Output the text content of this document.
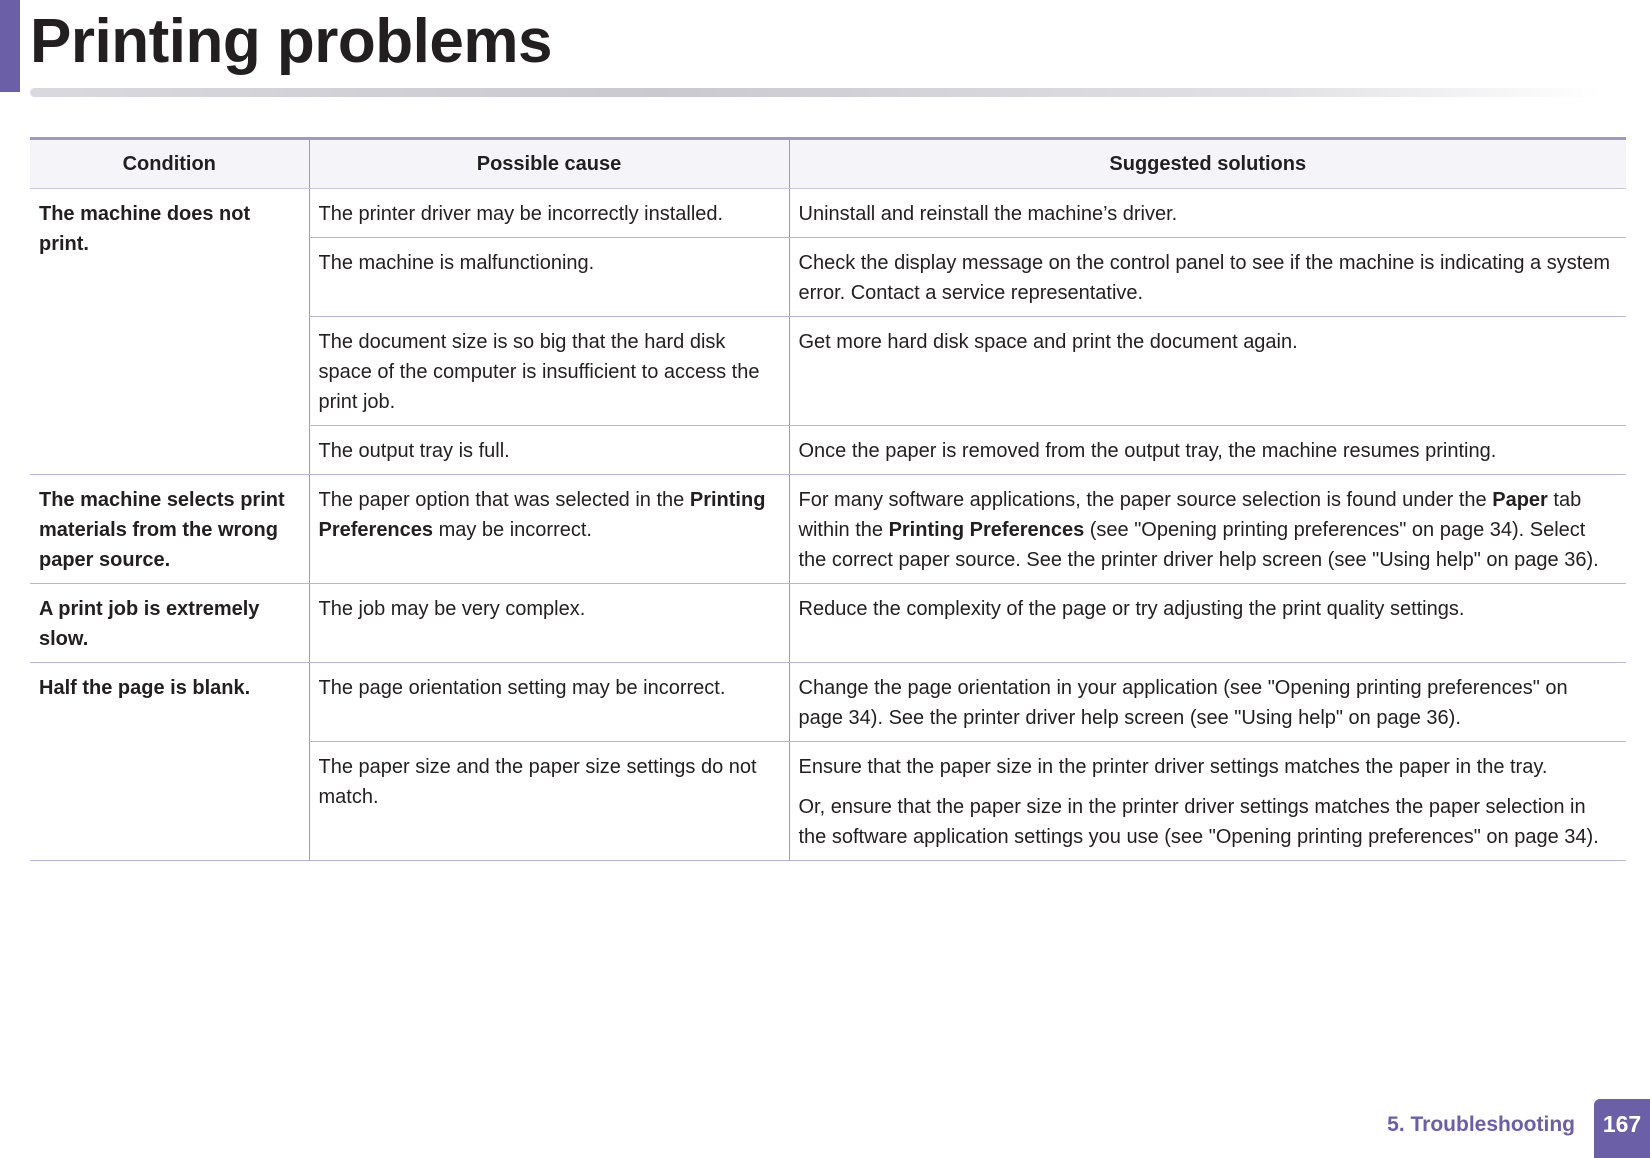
Printing problems
Condition	Possible cause	Suggested solutions
The machine does not print.	The printer driver may be incorrectly installed.	Uninstall and reinstall the machine’s driver.
	The machine is malfunctioning.	Check the display message on the control panel to see if the machine is indicating a system error. Contact a service representative.
	The document size is so big that the hard disk space of the computer is insufficient to access the print job.	Get more hard disk space and print the document again.
	The output tray is full.	Once the paper is removed from the output tray, the machine resumes printing.
The machine selects print materials from the wrong paper source.	The paper option that was selected in the Printing Preferences may be incorrect.	For many software applications, the paper source selection is found under the Paper tab within the Printing Preferences (see "Opening printing preferences" on page 34). Select the correct paper source. See the printer driver help screen (see "Using help" on page 36).
A print job is extremely slow.	The job may be very complex.	Reduce the complexity of the page or try adjusting the print quality settings.
Half the page is blank.	The page orientation setting may be incorrect.	Change the page orientation in your application (see "Opening printing preferences" on page 34). See the printer driver help screen (see "Using help" on page 36).
	The paper size and the paper size settings do not match.	Ensure that the paper size in the printer driver settings matches the paper in the tray.

Or, ensure that the paper size in the printer driver settings matches the paper selection in the software application settings you use (see "Opening printing preferences" on page 34).

5. Troubleshooting	167
